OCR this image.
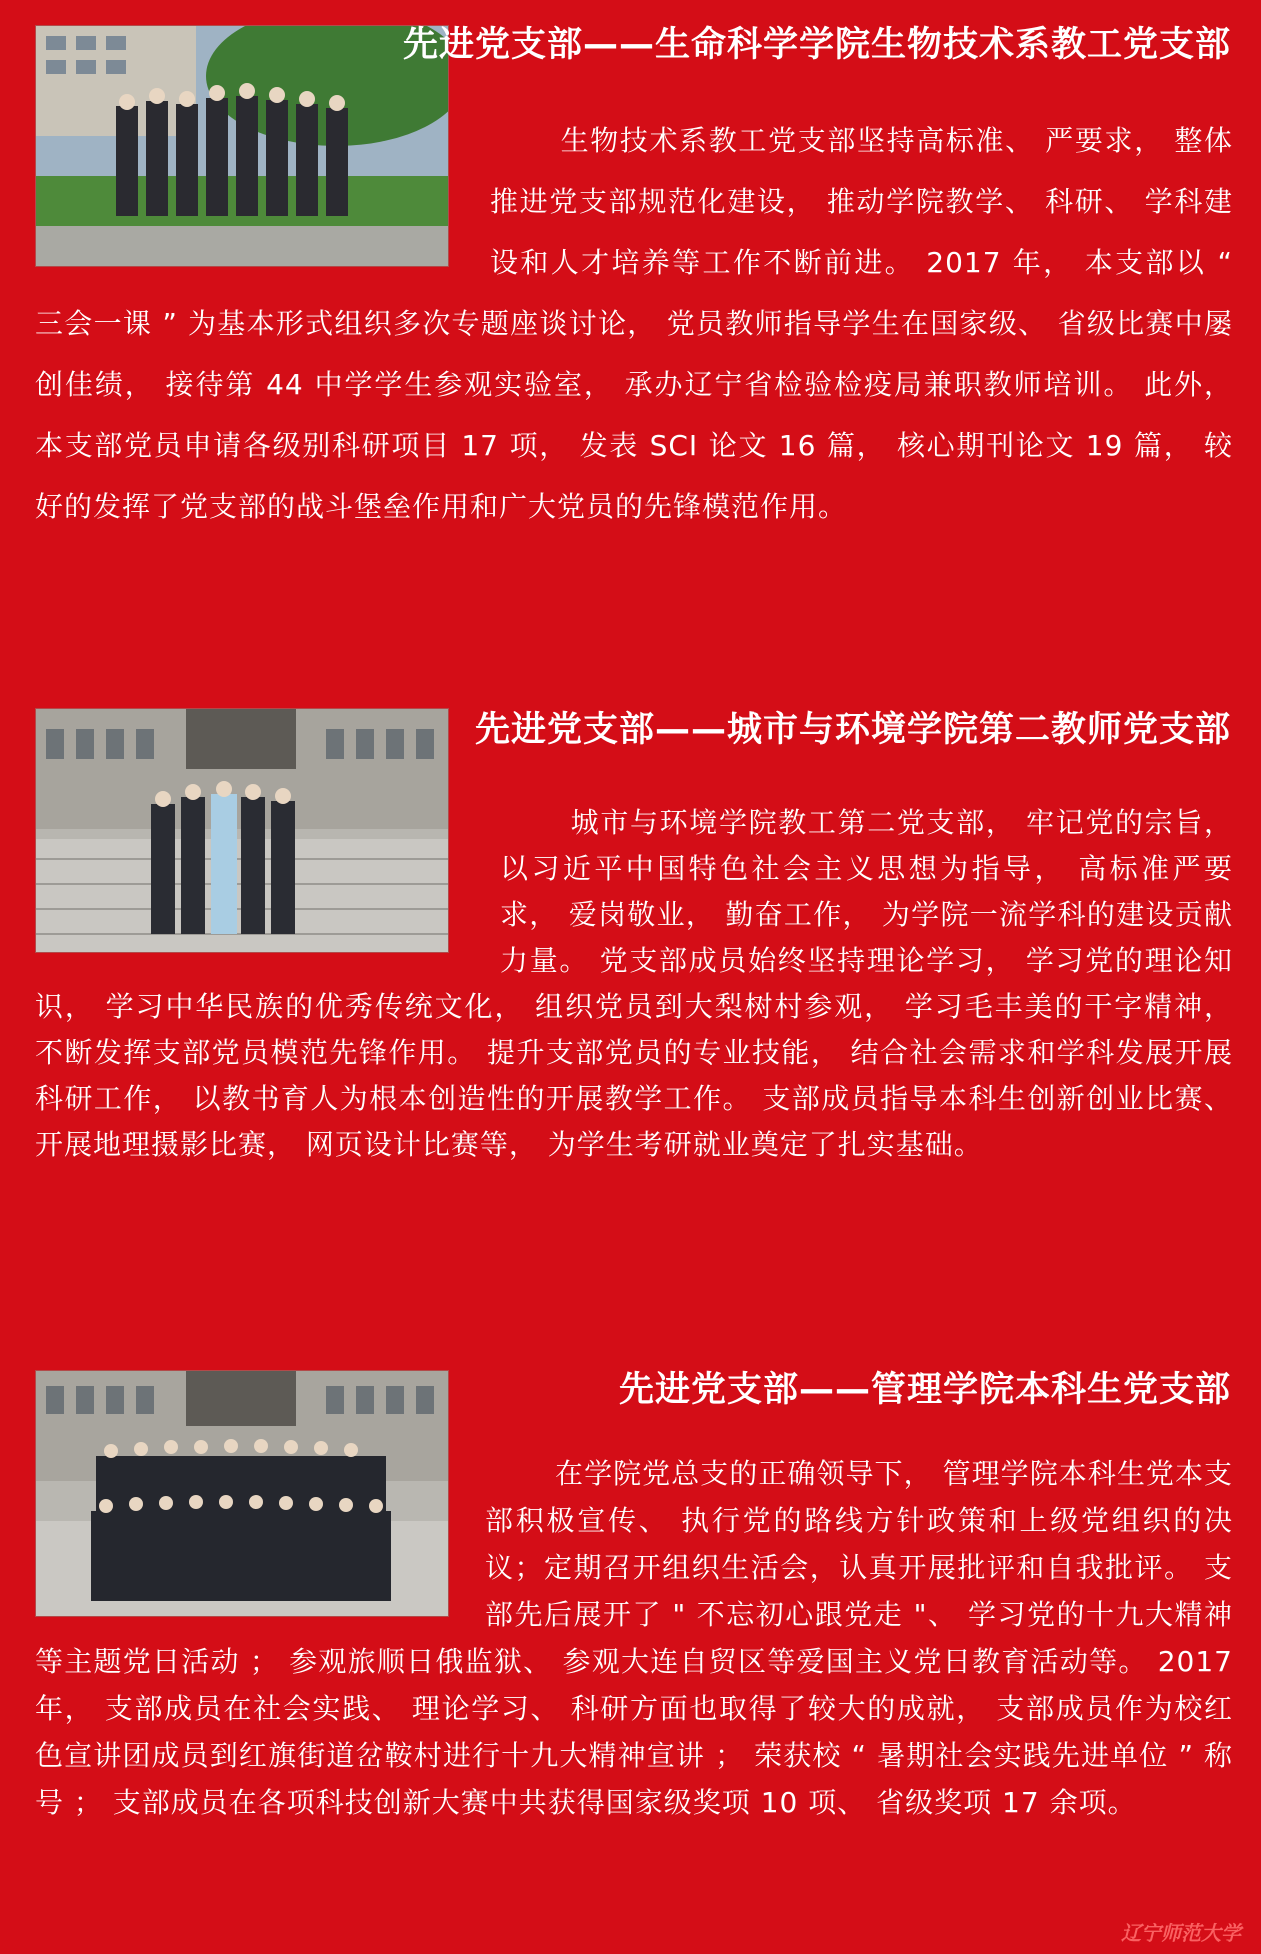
先进党支部——生命科学学院生物技术系教工党支部

生物技术系教工党支部坚持高标准、 严要求， 整体推进党支部规范化建设， 推动学院教学、 科研、 学科建设和人才培养等工作不断前进。 2017 年， 本支部以 “ 三会一课 ” 为基本形式组织多次专题座谈讨论， 党员教师指导学生在国家级、 省级比赛中屡创佳绩， 接待第 44 中学学生参观实验室， 承办辽宁省检验检疫局兼职教师培训。 此外， 本支部党员申请各级别科研项目 17 项， 发表 SCI 论文 16 篇， 核心期刊论文 19 篇， 较好的发挥了党支部的战斗堡垒作用和广大党员的先锋模范作用。

先进党支部——城市与环境学院第二教师党支部

城市与环境学院教工第二党支部， 牢记党的宗旨， 以习近平中国特色社会主义思想为指导， 高标准严要求， 爱岗敬业， 勤奋工作， 为学院一流学科的建设贡献力量。 党支部成员始终坚持理论学习， 学习党的理论知识， 学习中华民族的优秀传统文化， 组织党员到大梨树村参观， 学习毛丰美的干字精神， 不断发挥支部党员模范先锋作用。 提升支部党员的专业技能， 结合社会需求和学科发展开展科研工作， 以教书育人为根本创造性的开展教学工作。 支部成员指导本科生创新创业比赛、 开展地理摄影比赛， 网页设计比赛等， 为学生考研就业奠定了扎实基础。

先进党支部——管理学院本科生党支部

在学院党总支的正确领导下， 管理学院本科生党本支部积极宣传、 执行党的路线方针政策和上级党组织的决议；定期召开组织生活会，认真开展批评和自我批评。 支部先后展开了 " 不忘初心跟党走 "、 学习党的十九大精神等主题党日活动 ； 参观旅顺日俄监狱、 参观大连自贸区等爱国主义党日教育活动等。 2017 年， 支部成员在社会实践、 理论学习、 科研方面也取得了较大的成就， 支部成员作为校红色宣讲团成员到红旗街道岔鞍村进行十九大精神宣讲 ； 荣获校 “ 暑期社会实践先进单位 ” 称号 ； 支部成员在各项科技创新大赛中共获得国家级奖项 10 项、 省级奖项 17 余项。

辽宁师范大学
